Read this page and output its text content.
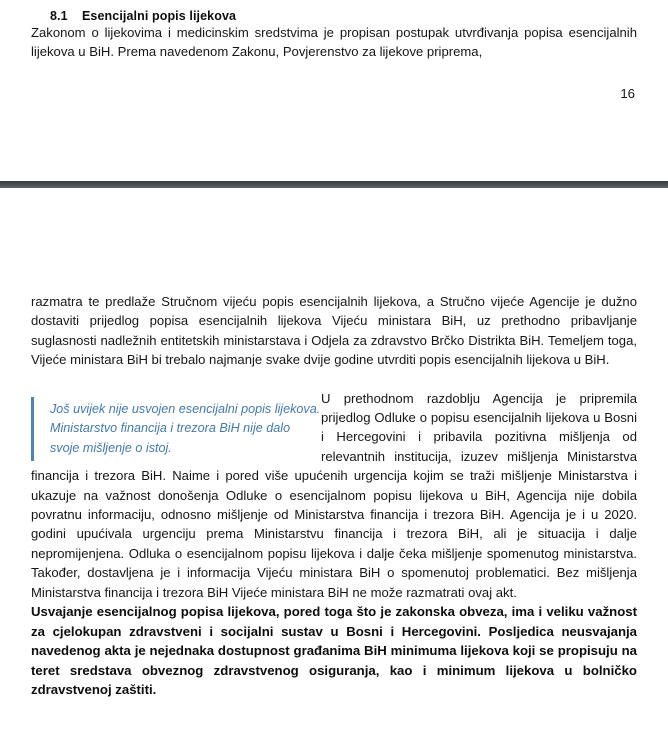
8.1	Esencijalni popis lijekova

Zakonom o lijekovima i medicinskim sredstvima je propisan postupak utvrđivanja popisa esencijalnih lijekova u BiH. Prema navedenom Zakonu, Povjerenstvo za lijekove priprema,

16

razmatra te predlaže Stručnom vijeću popis esencijalnih lijekova, a Stručno vijeće Agencije je dužno dostaviti prijedlog popisa esencijalnih lijekova Vijeću ministara BiH, uz prethodno pribavljanje suglasnosti nadležnih entitetskih ministarstava i Odjela za zdravstvo Brčko Distrikta BiH. Temeljem toga, Vijeće ministara BiH bi trebalo najmanje svake dvije godine utvrditi popis esencijalnih lijekova u BiH.

Još uvijek nije usvojen esencijalni popis lijekova. Ministarstvo financija i trezora BiH nije dalo svoje mišljenje o istoj.

U prethodnom razdoblju Agencija je pripremila prijedlog Odluke o popisu esencijalnih lijekova u Bosni i Hercegovini i pribavila pozitivna mišljenja od relevantnih institucija, izuzev mišljenja Ministarstva financija i trezora BiH. Naime i pored više upućenih urgencija kojim se traži mišljenje Ministarstva i ukazuje na važnost donošenja Odluke o esencijalnom popisu lijekova u BiH, Agencija nije dobila povratnu informaciju, odnosno mišljenje od Ministarstva financija i trezora BiH. Agencija je i u 2020. godini upućivala urgenciju prema Ministarstvu financija i trezora BiH, ali je situacija i dalje nepromijenjena. Odluka o esencijalnom popisu lijekova i dalje čeka mišljenje spomenutog ministarstva. Također, dostavljena je i informacija Vijeću ministara BiH o spomenutoj problematici. Bez mišljenja Ministarstva financija i trezora BiH Vijeće ministara BiH ne može razmatrati ovaj akt.

Usvajanje esencijalnog popisa lijekova, pored toga što je zakonska obveza, ima i veliku važnost za cjelokupan zdravstveni i socijalni sustav u Bosni i Hercegovini. Posljedica neusvajanja navedenog akta je nejednaka dostupnost građanima BiH minimuma lijekova koji se propisuju na teret sredstava obveznog zdravstvenog osiguranja, kao i minimum lijekova u bolničko zdravstvenoj zaštiti.
